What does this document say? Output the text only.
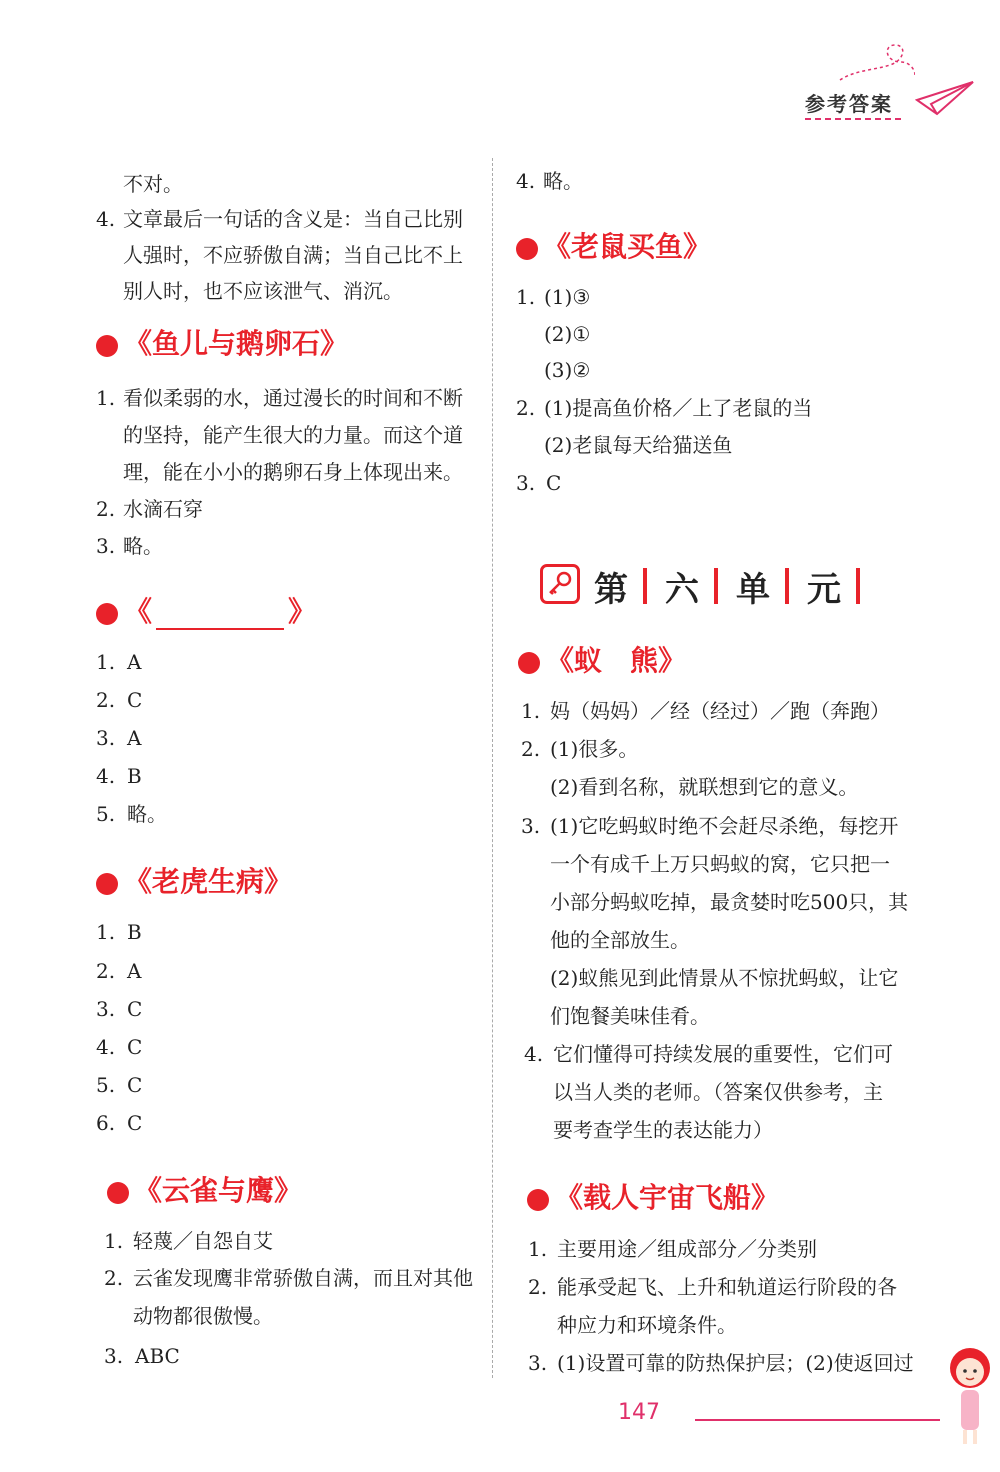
参考答案
不对。
4. 文章最后一句话的含义是：当自己比别
人强时，不应骄傲自满；当自己比不上
别人时，也不应该泄气、消沉。
《鱼儿与鹅卵石》
1. 看似柔弱的水，通过漫长的时间和不断
的坚持，能产生很大的力量。而这个道
理，能在小小的鹅卵石身上体现出来。
2. 水滴石穿
3. 略。
《	》
1. A
2. C
3. A
4. B
5. 略。
《老虎生病》
1. B
2. A
3. C
4. C
5. C
6. C
《云雀与鹰》
1. 轻蔑／自怨自艾
2. 云雀发现鹰非常骄傲自满，而且对其他
动物都很傲慢。
3. ABC
4. 略。
《老鼠买鱼》
1. (1)③
(2)①
(3)②
2. (1)提高鱼价格／上了老鼠的当
(2)老鼠每天给猫送鱼
3. C
第 六 单 元
《蚁　熊》
1. 妈（妈妈）／经（经过）／跑（奔跑）
2. (1)很多。
(2)看到名称，就联想到它的意义。
3. (1)它吃蚂蚁时绝不会赶尽杀绝，每挖开
一个有成千上万只蚂蚁的窝，它只把一
小部分蚂蚁吃掉，最贪婪时吃500只，其
他的全部放生。
(2)蚁熊见到此情景从不惊扰蚂蚁，让它
们饱餐美味佳肴。
4. 它们懂得可持续发展的重要性，它们可
以当人类的老师。（答案仅供参考，主
要考查学生的表达能力）
《载人宇宙飞船》
1. 主要用途／组成部分／分类别
2. 能承受起飞、上升和轨道运行阶段的各
种应力和环境条件。
3. (1)设置可靠的防热保护层；(2)使返回过
147
